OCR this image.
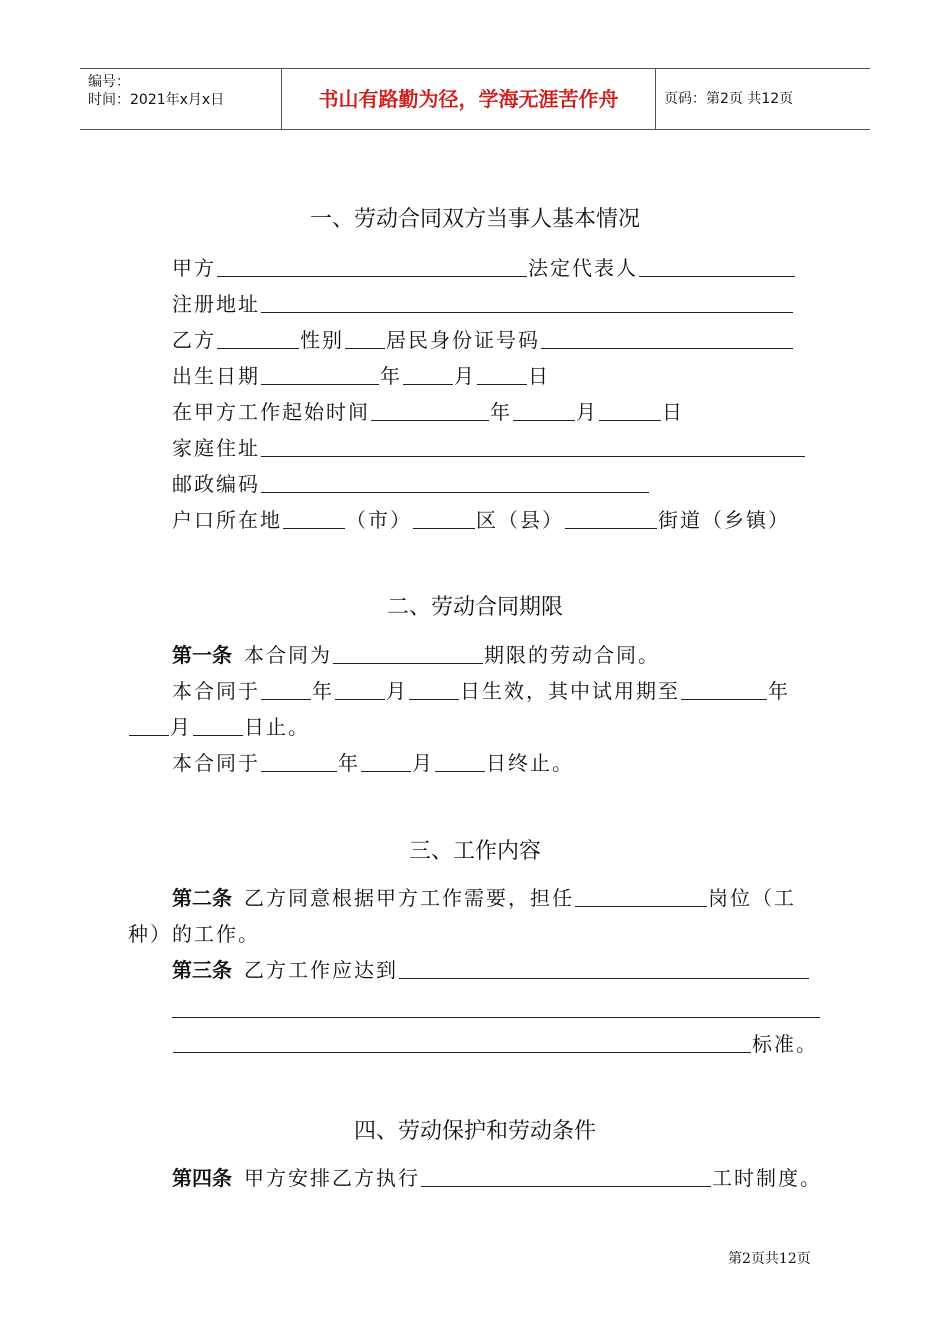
编号：
时间：2021年x月x日	书山有路勤为径，学海无涯苦作舟	页码：第2页 共12页
一、劳动合同双方当事人基本情况
甲方	法定代表人
注册地址
乙方	性别 居民身份证号码
出生日期	年	月	日
在甲方工作起始时间	年	月	日
家庭住址
邮政编码
户口所在地	（市）	区（县）	街道（乡镇）
二、劳动合同期限
第一条 本合同为	期限的劳动合同。
本合同于	年	月	日生效，其中试用期至	年
月	日止。
本合同于	年	月	日终止。
三、工作内容
第二条 乙方同意根据甲方工作需要，担任	岗位（工
种）的工作。
第三条 乙方工作应达到
标准。
四、劳动保护和劳动条件
第四条 甲方安排乙方执行	工时制度。
第2页共12页
